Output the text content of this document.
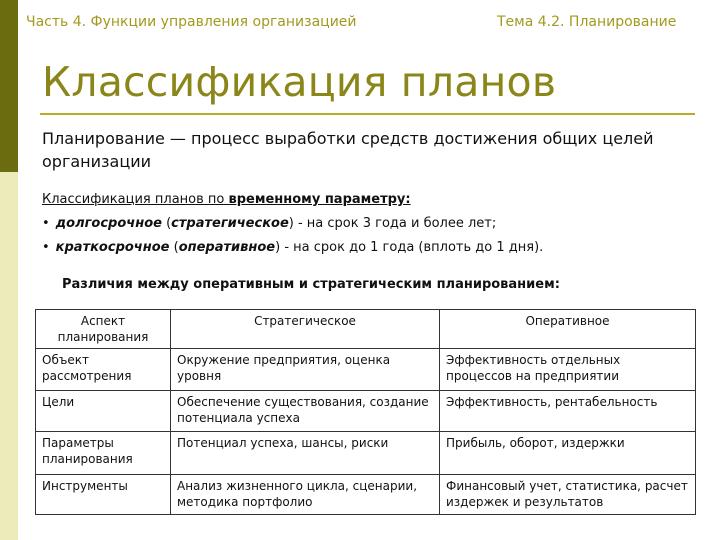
Часть 4. Функции управления организацией	Тема 4.2. Планирование
Классификация планов
Планирование — процесс выработки средств достижения общих целей организации
Классификация планов по временному параметру:
• долгосрочное (стратегическое) - на срок 3 года и более лет;
• краткосрочное (оперативное) - на срок до 1 года (вплоть до 1 дня).
Различия между оперативным и стратегическим планированием:
Аспект планирования	Стратегическое	Оперативное
Объект рассмотрения	Окружение предприятия, оценка уровня	Эффективность отдельных процессов на предприятии
Цели	Обеспечение существования, создание потенциала успеха	Эффективность, рентабельность
Параметры планирования	Потенциал успеха, шансы, риски	Прибыль, оборот, издержки
Инструменты	Анализ жизненного цикла, сценарии, методика портфолио	Финансовый учет, статистика, расчет издержек и результатов
